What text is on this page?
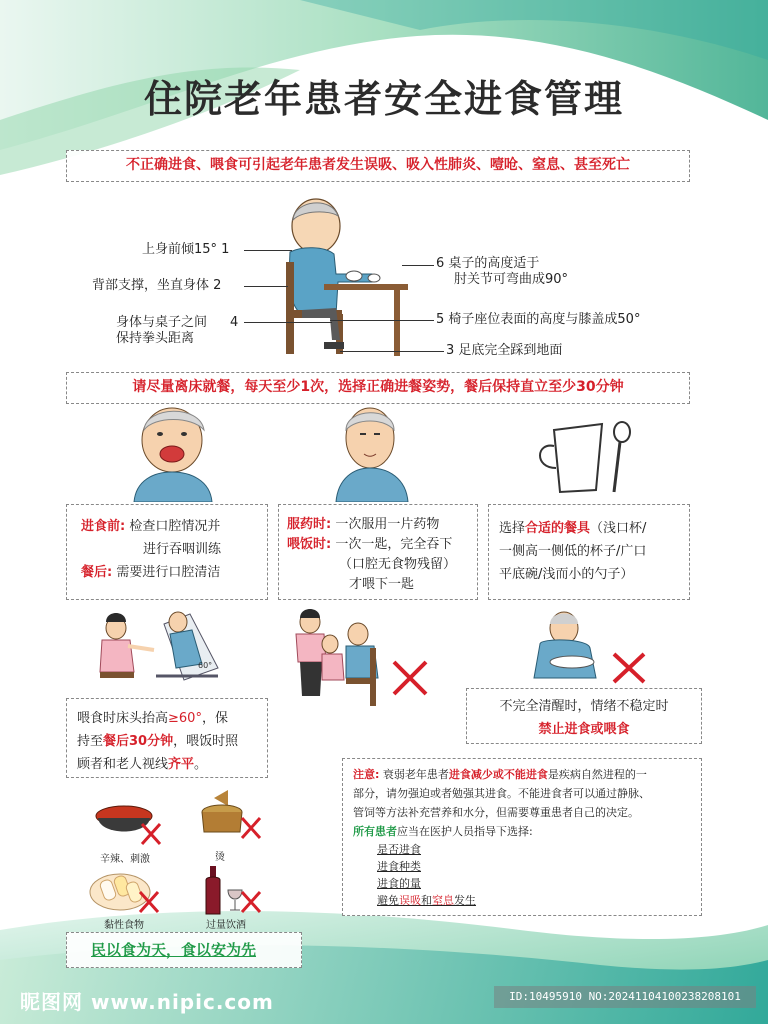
住院老年患者安全进食管理
不正确进食、喂食可引起老年患者发生误吸、吸入性肺炎、噎呛、窒息、甚至死亡
上身前倾15° 1
背部支撑，坐直身体 2
身体与桌子之间
保持拳头距离
4
6 桌子的高度适于
肘关节可弯曲成90°
5 椅子座位表面的高度与膝盖成50°
3 足底完全踩到地面
请尽量离床就餐，每天至少1次，选择正确进餐姿势，餐后保持直立至少30分钟
进食前: 检查口腔情况并
进行吞咽训练
餐后: 需要进行口腔清洁
服药时: 一次服用一片药物
喂饭时: 一次一匙，完全吞下
（口腔无食物残留）
才喂下一匙
选择合适的餐具（浅口杯/
一侧高一侧低的杯子/广口
平底碗/浅而小的勺子）
60°
喂食时床头抬高≥60°，保
持至餐后30分钟，喂饭时照
顾者和老人视线齐平。
不完全清醒时，情绪不稳定时
禁止进食或喂食
辛辣、刺激	烫
黏性食物	过量饮酒
注意: 衰弱老年患者进食减少或不能进食是疾病自然进程的一
部分，请勿强迫或者勉强其进食。不能进食者可以通过静脉、
管饲等方法补充营养和水分，但需要尊重患者自己的决定。
所有患者应当在医护人员指导下选择:
是否进食
进食种类
进食的量
避免误吸和窒息发生
民以食为天，食以安为先
昵图网 www.nipic.com	ID:10495910 NO:20241104100238208101
